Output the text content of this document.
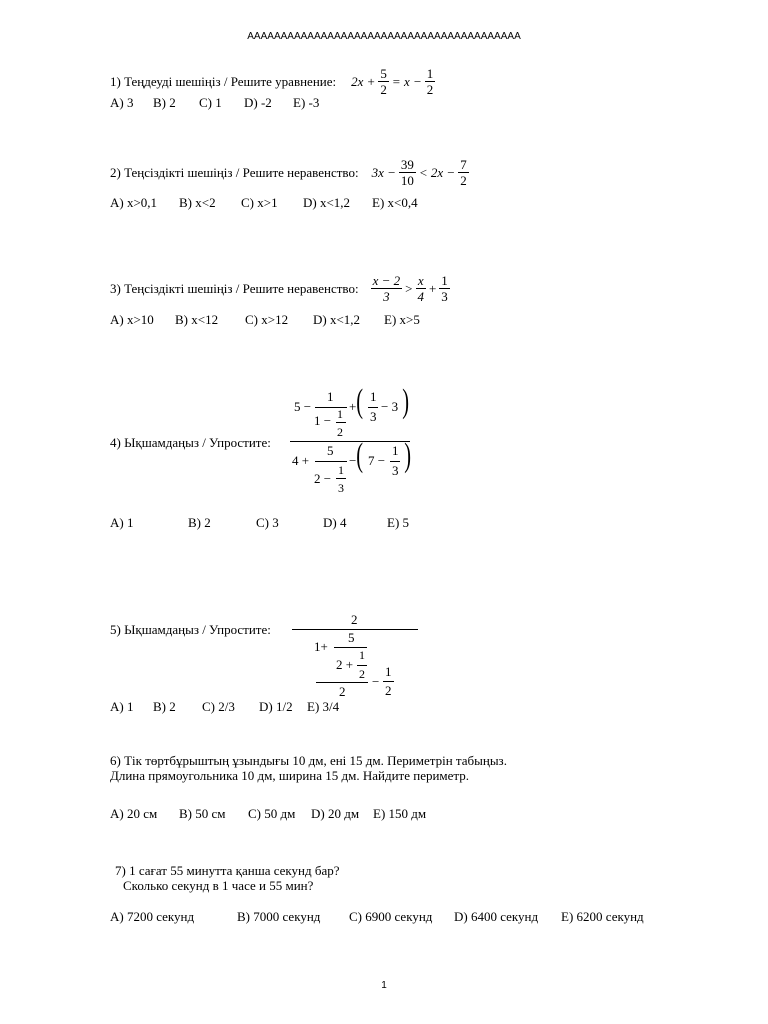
ААААААААААААААААААААААААААААААААААААААААА
1) Теңдеуді шешіңіз / Решите уравнение: $2x + \frac{5}{2} = x - \frac{1}{2}$
A) 3 B) 2 C) 1 D) -2 E) -3
2) Теңсіздікті шешіңіз / Решите неравенство: $3x - \frac{39}{10} < 2x - \frac{7}{2}$
A) x>0,1 B) x<2 C) x>1 D) x<1,2 E) x<0,4
3) Теңсіздікті шешіңіз / Решите неравенство: $\frac{x - 2}{3} > \frac{x}{4} + \frac{1}{3}$
A) x>10 B) x<12 C) x>12 D) x<1,2 E) x>5
4) Ықшамдаңыз / Упростите:
5 −
1
1 − 1
2
+ ( 1
3
− 3 )
4 +
5
2 −
1
3
− ( 7 −
1
3 )
A) 1	B) 2	C) 3	D) 4	E) 5
5) Ықшамдаңыз / Упростите:
2
1+
5
2 +
1
2
2
−
1
2
A) 1 B) 2 C) 2/3 D) 1/2 E) 3/4
6) Тік төртбұрыштың ұзындығы 10 дм, ені 15 дм. Периметрін табыңыз.
Длина прямоугольника 10 дм, ширина 15 дм. Найдите периметр.
A) 20 см B) 50 см C) 50 дм D) 20 дм E) 150 дм
7) 1 сағат 55 минутта қанша секунд бар?
Сколько секунд в 1 часе и 55 мин?
A) 7200 секунд	B) 7000 секунд C) 6900 секунд D) 6400 секунд E) 6200 секунд
1
